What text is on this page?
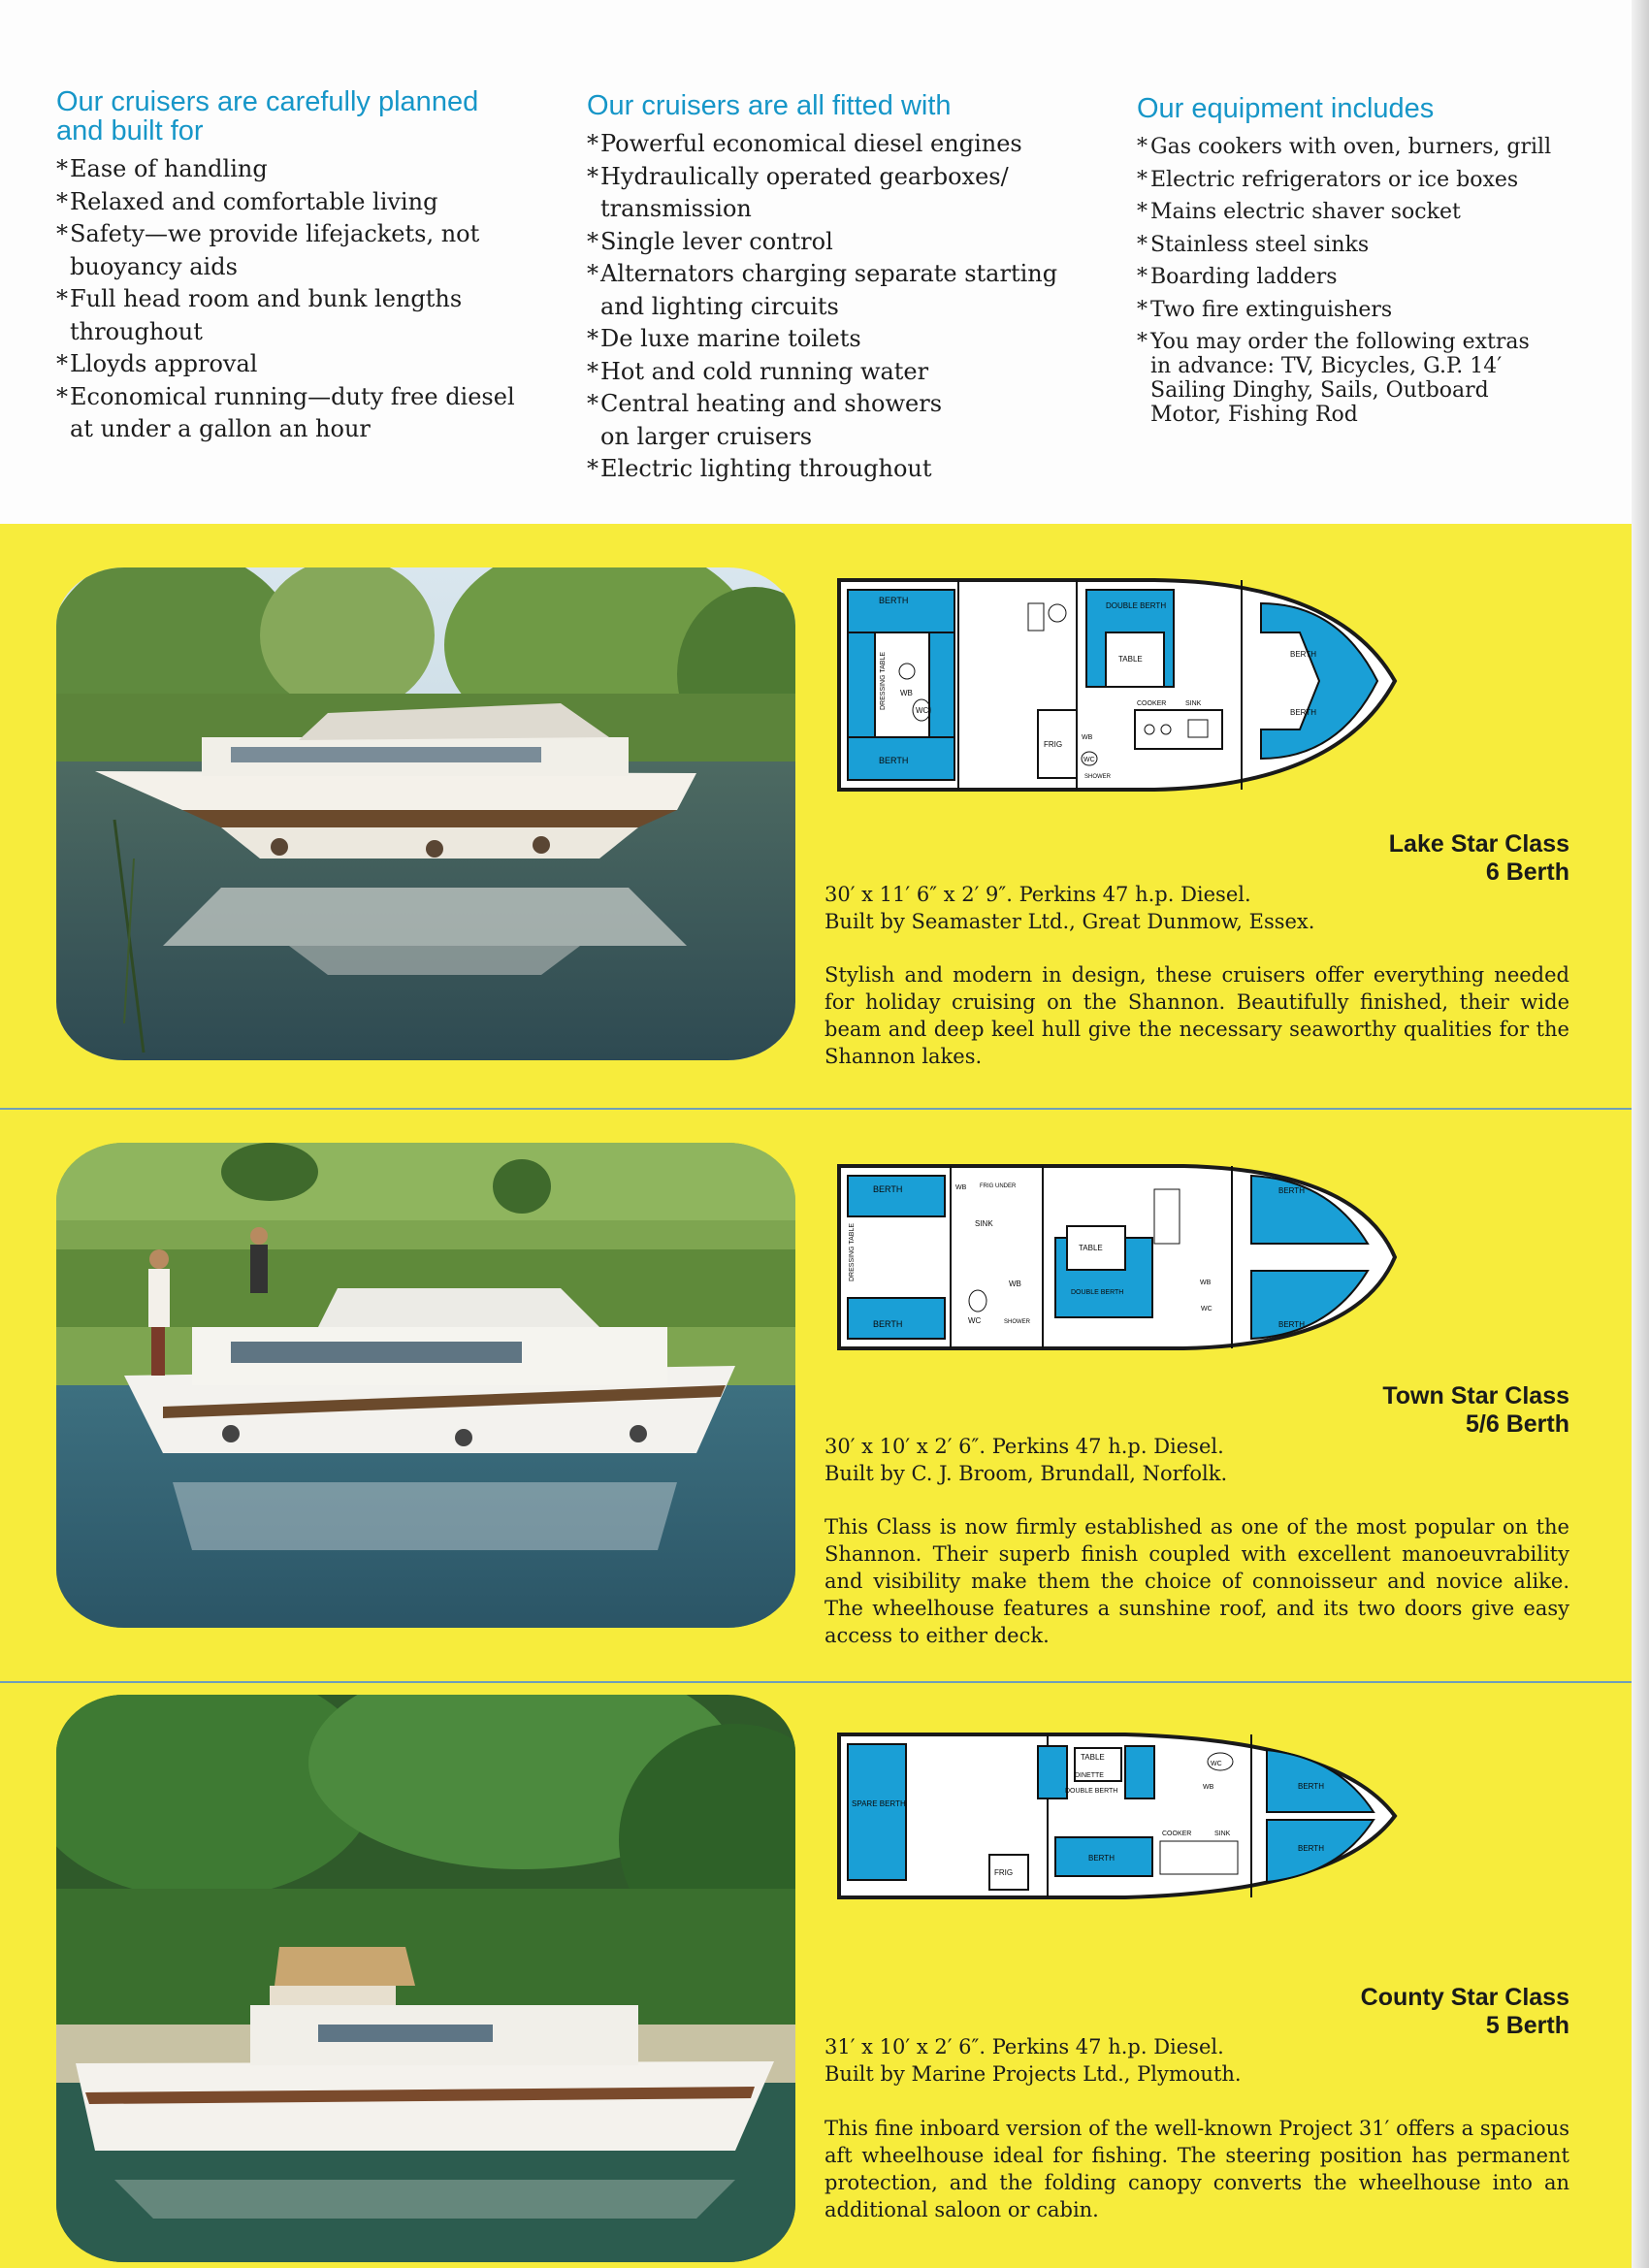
Our cruisers are carefully planned
and built for
* Ease of handling
* Relaxed and comfortable living
* Safety—we provide lifejackets, not
buoyancy aids
* Full head room and bunk lengths
throughout
* Lloyds approval
* Economical running—duty free diesel
at under a gallon an hour
Our cruisers are all fitted with
* Powerful economical diesel engines
* Hydraulically operated gearboxes/
transmission
* Single lever control
* Alternators charging separate starting
and lighting circuits
* De luxe marine toilets
* Hot and cold running water
* Central heating and showers
on larger cruisers
* Electric lighting throughout
Our equipment includes
* Gas cookers with oven, burners, grill
* Electric refrigerators or ice boxes
* Mains electric shaver socket
* Stainless steel sinks
* Boarding ladders
* Two fire extinguishers
* You may order the following extras
in advance: TV, Bicycles, G.P. 14′
Sailing Dinghy, Sails, Outboard
Motor, Fishing Rod
BERTH
BERTH
DRESSING TABLE WB
WC
DOUBLE BERTH
TABLE
COOKER	SINK
FRIG
WB
WC
SHOWER
BERTH
BERTH
Lake Star Class
6 Berth
30′ x 11′ 6″ x 2′ 9″. Perkins 47 h.p. Diesel.
Built by Seamaster Ltd., Great Dunmow, Essex.

Stylish and modern in design, these cruisers offer everything needed for holiday cruising on the Shannon. Beautifully finished, their wide beam and deep keel hull give the necessary seaworthy qualities for the Shannon lakes.

BERTH
BERTH
DRESSING TABLE
WB FRIG UNDER
SINK
WC	SHOWER
WB
TABLE
DOUBLE BERTH
WB
WC
BERTH
BERTH
Town Star Class
5/6 Berth
30′ x 10′ x 2′ 6″. Perkins 47 h.p. Diesel.
Built by C. J. Broom, Brundall, Norfolk.

This Class is now firmly established as one of the most popular on the Shannon. Their superb finish coupled with excellent manoeuvrability and visibility make them the choice of connoisseur and novice alike. The wheelhouse features a sunshine roof, and its two doors give easy access to either deck.

SPARE BERTH
FRIG
TABLE
DINETTE
DOUBLE BERTH
BERTH
COOKER	SINK
WC
WB	BERTH
BERTH
County Star Class
5 Berth
31′ x 10′ x 2′ 6″. Perkins 47 h.p. Diesel.
Built by Marine Projects Ltd., Plymouth.

This fine inboard version of the well-known Project 31′ offers a spacious aft wheelhouse ideal for fishing. The steering position has permanent protection, and the folding canopy converts the wheelhouse into an additional saloon or cabin.
